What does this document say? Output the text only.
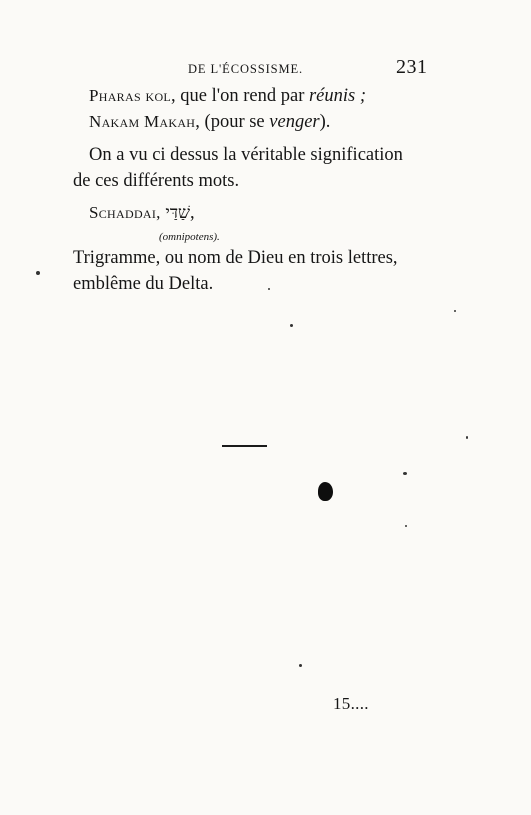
DE L'ÉCOSSISME.	231
Pharas kol, que l'on rend par réunis ;
Nakam Makah, (pour se venger).
On a vu ci dessus la véritable signification
de ces différents mots.
Schaddai, שַׁדַּי,
(omnipotens).
Trigramme, ou nom de Dieu en trois lettres,
emblême du Delta.
15....
